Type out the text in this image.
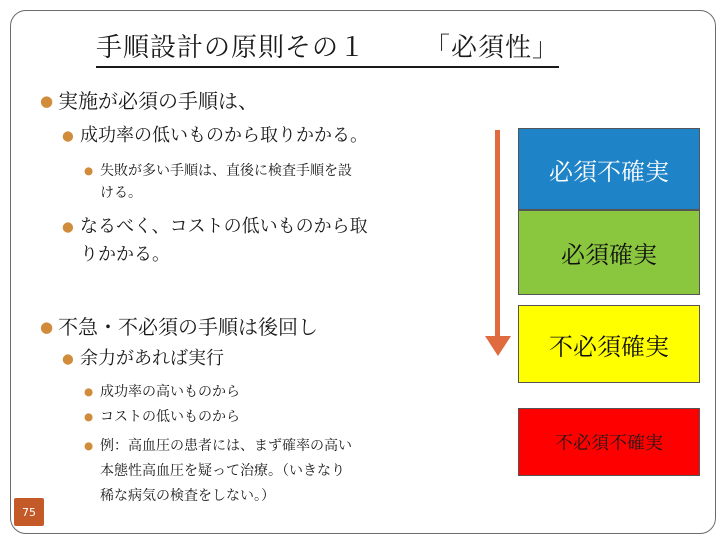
手順設計の原則その１ 「必須性」
● 実施が必須の手順は、
● 成功率の低いものから取りかかる。
● 失敗が多い手順は、直後に検査手順を設
ける。
● なるべく、コストの低いものから取
りかかる。
● 不急・不必須の手順は後回し
● 余力があれば実行
● 成功率の高いものから
● コストの低いものから
● 例：高血圧の患者には、まず確率の高い
本態性高血圧を疑って治療。（いきなり
稀な病気の検査をしない。）
必須不確実
必須確実
不必須確実
不必須不確実
75
